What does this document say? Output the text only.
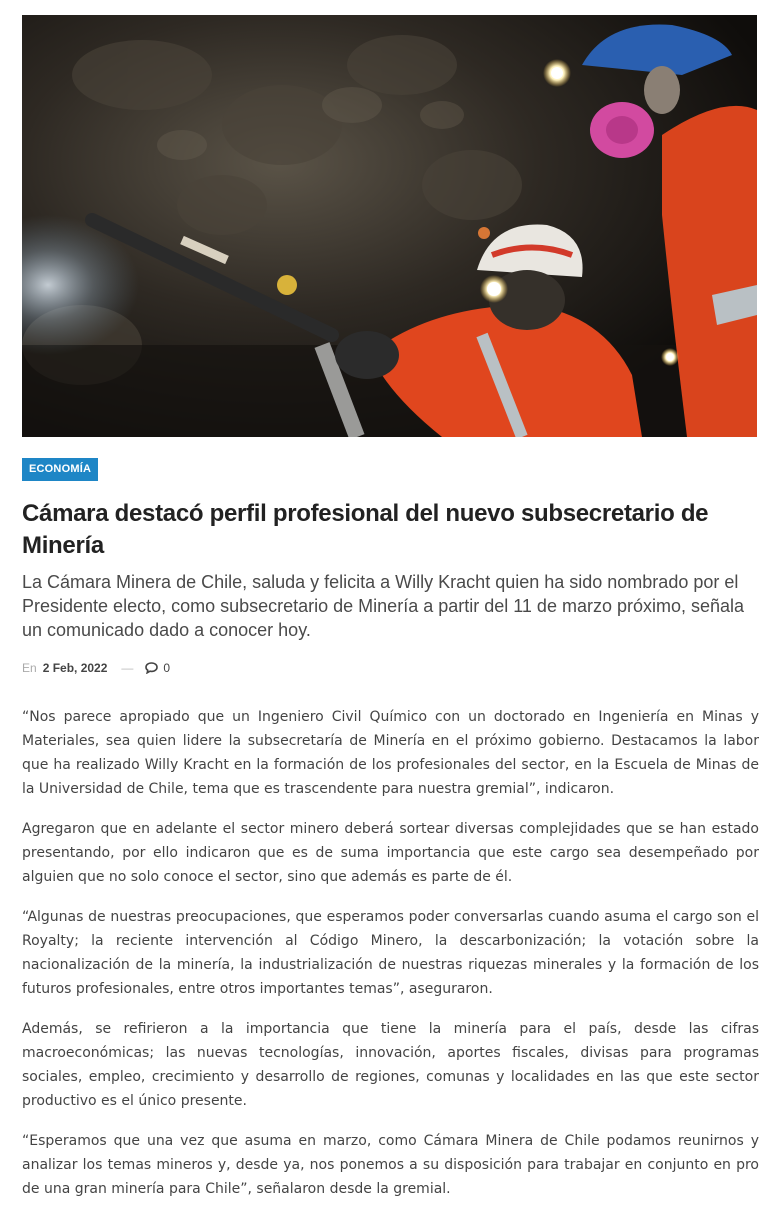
ECONOMÍA
Cámara destacó perfil profesional del nuevo subsecretario de Minería

La Cámara Minera de Chile, saluda y felicita a Willy Kracht quien ha sido nombrado por el Presidente electo, como subsecretario de Minería a partir del 11 de marzo próximo, señala un comunicado dado a conocer hoy.

En 2 Feb, 2022 —	0

“Nos parece apropiado que un Ingeniero Civil Químico con un doctorado en Ingeniería en Minas y Materiales, sea quien lidere la subsecretaría de Minería en el próximo gobierno. Destacamos la labor que ha realizado Willy Kracht en la formación de los profesionales del sector, en la Escuela de Minas de la Universidad de Chile, tema que es trascendente para nuestra gremial”, indicaron.

Agregaron que en adelante el sector minero deberá sortear diversas complejidades que se han estado presentando, por ello indicaron que es de suma importancia que este cargo sea desempeñado por alguien que no solo conoce el sector, sino que además es parte de él.

“Algunas de nuestras preocupaciones, que esperamos poder conversarlas cuando asuma el cargo son el Royalty; la reciente intervención al Código Minero, la descarbonización; la votación sobre la nacionalización de la minería, la industrialización de nuestras riquezas minerales y la formación de los futuros profesionales, entre otros importantes temas”, aseguraron.

Además, se refirieron a la importancia que tiene la minería para el país, desde las cifras macroeconómicas; las nuevas tecnologías, innovación, aportes fiscales, divisas para programas sociales, empleo, crecimiento y desarrollo de regiones, comunas y localidades en las que este sector productivo es el único presente.

“Esperamos que una vez que asuma en marzo, como Cámara Minera de Chile podamos reunirnos y analizar los temas mineros y, desde ya, nos ponemos a su disposición para trabajar en conjunto en pro de una gran minería para Chile”, señalaron desde la gremial.
